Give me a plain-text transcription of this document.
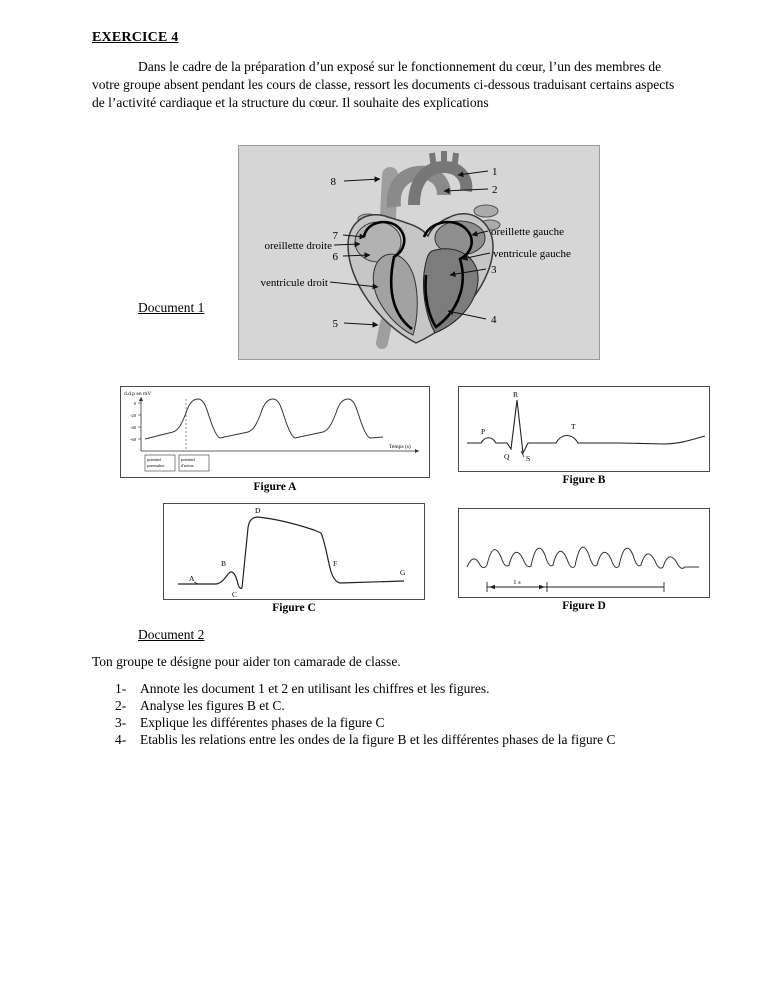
EXERCICE 4

Dans le cadre de la préparation d’un exposé sur le fonctionnement du cœur, l’un des membres de votre groupe absent pendant les cours de classe, ressort les documents ci-dessous traduisant certains aspects de l’activité cardiaque et la structure du cœur. Il souhaite des explications

8
7
oreillette droite
6
ventricule droit
5
1
2
oreillette gauche
ventricule gauche
3
4
Document 1
d.d.p en mV
0
-20
-40
-60
Temps (s)
potentiel
pacemaker
potentiel
d'action
Figure A
P
R
Q S
T
Figure B
A
B
C
D
F
G
Figure C
1 s
Figure D
Document 2

Ton groupe te désigne pour aider ton camarade de classe.

1-	Annote les document 1 et 2 en utilisant les chiffres et les figures.
2-	Analyse les figures B et C.
3-	Explique les différentes phases de la figure C
4-	Etablis les relations entre les ondes de la figure B et les différentes phases de la figure C
